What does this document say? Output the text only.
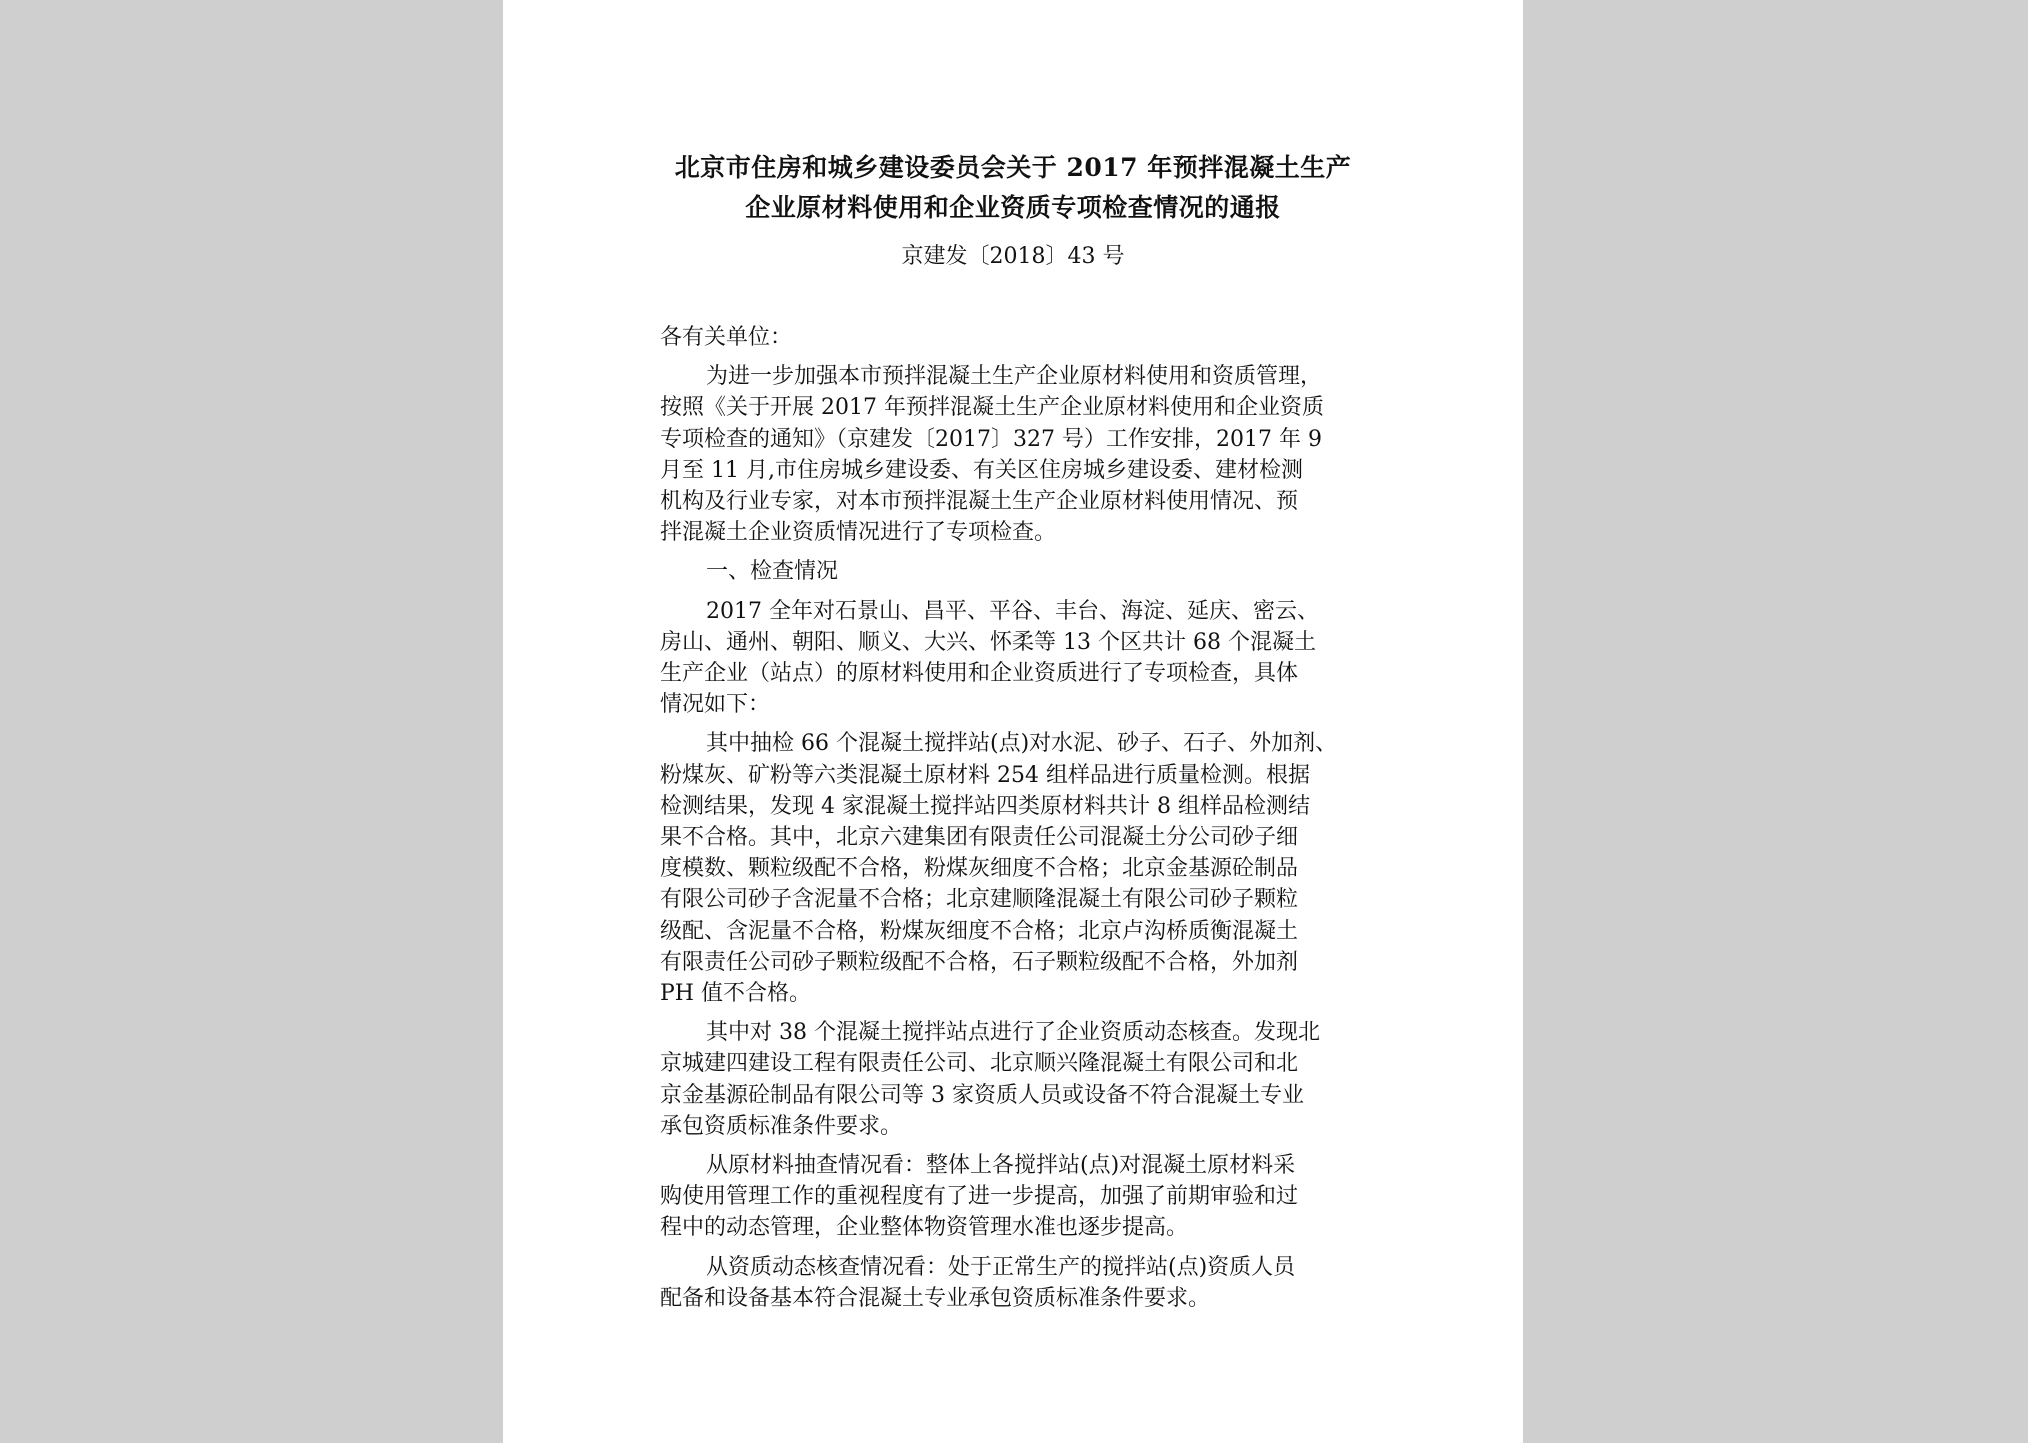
北京市住房和城乡建设委员会关于 2017 年预拌混凝土生产
企业原材料使用和企业资质专项检查情况的通报
京建发〔2018〕43 号
各有关单位：
为进一步加强本市预拌混凝土生产企业原材料使用和资质管理，
按照《关于开展 2017 年预拌混凝土生产企业原材料使用和企业资质
专项检查的通知》（京建发〔2017〕327 号）工作安排，2017 年 9
月至 11 月,市住房城乡建设委、有关区住房城乡建设委、建材检测
机构及行业专家，对本市预拌混凝土生产企业原材料使用情况、预
拌混凝土企业资质情况进行了专项检查。
一、检查情况
2017 全年对石景山、昌平、平谷、丰台、海淀、延庆、密云、
房山、通州、朝阳、顺义、大兴、怀柔等 13 个区共计 68 个混凝土
生产企业（站点）的原材料使用和企业资质进行了专项检查，具体
情况如下：
其中抽检 66 个混凝土搅拌站(点)对水泥、砂子、石子、外加剂、
粉煤灰、矿粉等六类混凝土原材料 254 组样品进行质量检测。根据
检测结果，发现 4 家混凝土搅拌站四类原材料共计 8 组样品检测结
果不合格。其中，北京六建集团有限责任公司混凝土分公司砂子细
度模数、颗粒级配不合格，粉煤灰细度不合格；北京金基源砼制品
有限公司砂子含泥量不合格；北京建顺隆混凝土有限公司砂子颗粒
级配、含泥量不合格，粉煤灰细度不合格；北京卢沟桥质衡混凝土
有限责任公司砂子颗粒级配不合格，石子颗粒级配不合格，外加剂
PH 值不合格。
其中对 38 个混凝土搅拌站点进行了企业资质动态核查。发现北
京城建四建设工程有限责任公司、北京顺兴隆混凝土有限公司和北
京金基源砼制品有限公司等 3 家资质人员或设备不符合混凝土专业
承包资质标准条件要求。
从原材料抽查情况看：整体上各搅拌站(点)对混凝土原材料采
购使用管理工作的重视程度有了进一步提高，加强了前期审验和过
程中的动态管理，企业整体物资管理水准也逐步提高。
从资质动态核查情况看：处于正常生产的搅拌站(点)资质人员
配备和设备基本符合混凝土专业承包资质标准条件要求。
